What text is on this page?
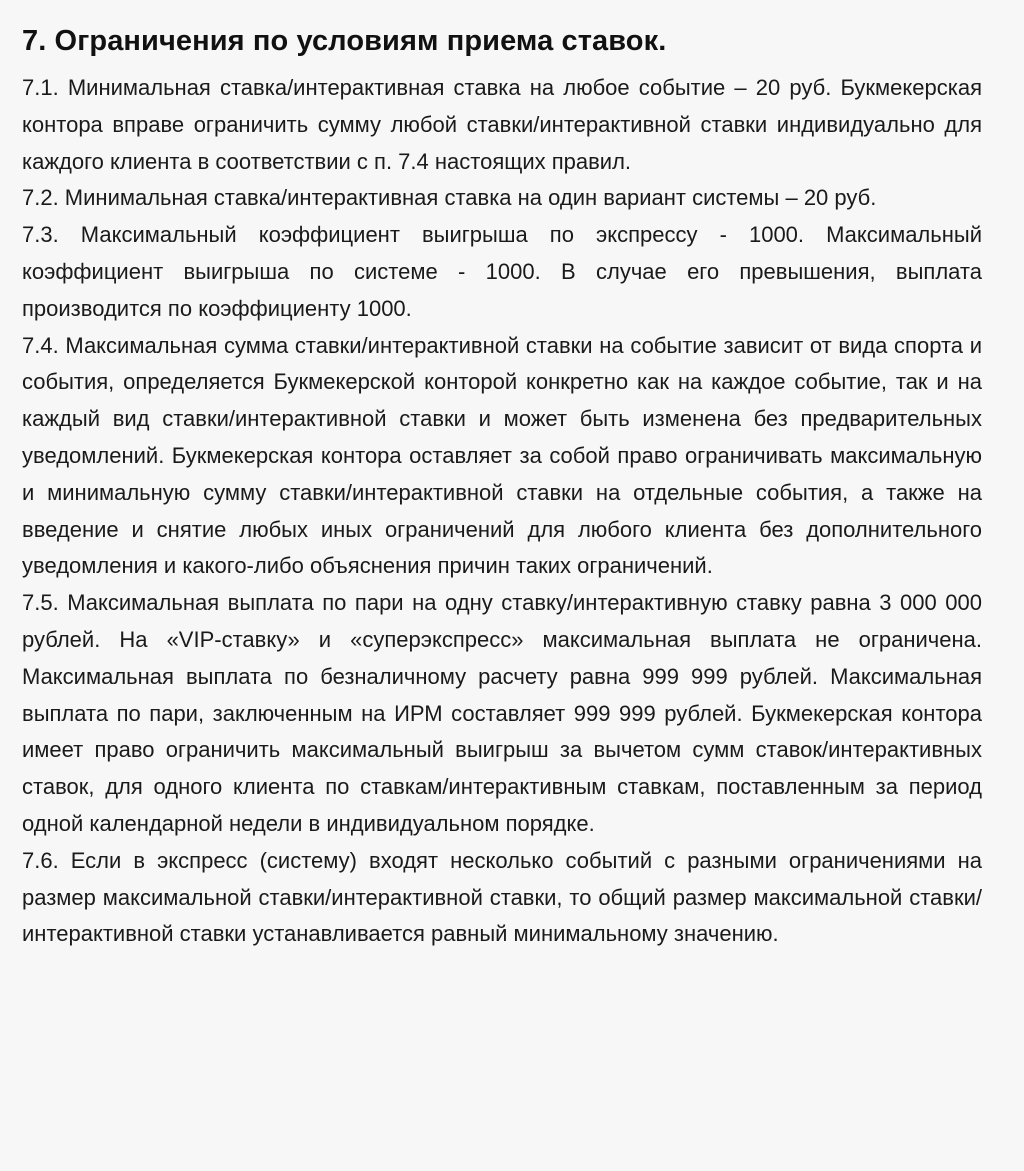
7. Ограничения по условиям приема ставок.

7.1. Минимальная ставка/интерактивная ставка на любое событие – 20 руб. Букмекерская контора вправе ограничить сумму любой ставки/интерактивной ставки индивидуально для каждого клиента в соответствии с п. 7.4 настоящих правил.

7.2. Минимальная ставка/интерактивная ставка на один вариант системы – 20 руб.

7.3. Максимальный коэффициент выигрыша по экспрессу - 1000. Максимальный коэффициент выигрыша по системе - 1000. В случае его превышения, выплата производится по коэффициенту 1000.

7.4. Максимальная сумма ставки/интерактивной ставки на событие зависит от вида спорта и события, определяется Букмекерской конторой конкретно как на каждое событие, так и на каждый вид ставки/интерактивной ставки и может быть изменена без предварительных уведомлений. Букмекерская контора оставляет за собой право ограничивать максимальную и минимальную сумму ставки/интерактивной ставки на отдельные события, а также на введение и снятие любых иных ограничений для любого клиента без дополнительного уведомления и какого-либо объяснения причин таких ограничений.

7.5. Максимальная выплата по пари на одну ставку/интерактивную ставку равна 3 000 000 рублей. На «VIP-ставку» и «суперэкспресс» максимальная выплата не ограничена. Максимальная выплата по безналичному расчету равна 999 999 рублей. Максимальная выплата по пари, заключенным на ИРМ составляет 999 999 рублей. Букмекерская контора имеет право ограничить максимальный выигрыш за вычетом сумм ставок/интерактивных ставок, для одного клиента по ставкам/интерактивным ставкам, поставленным за период одной календарной недели в индивидуальном порядке.

7.6. Если в экспресс (систему) входят несколько событий с разными ограничениями на размер максимальной ставки/интерактивной ставки, то общий размер максимальной ставки/интерактивной ставки устанавливается равный минимальному значению.
